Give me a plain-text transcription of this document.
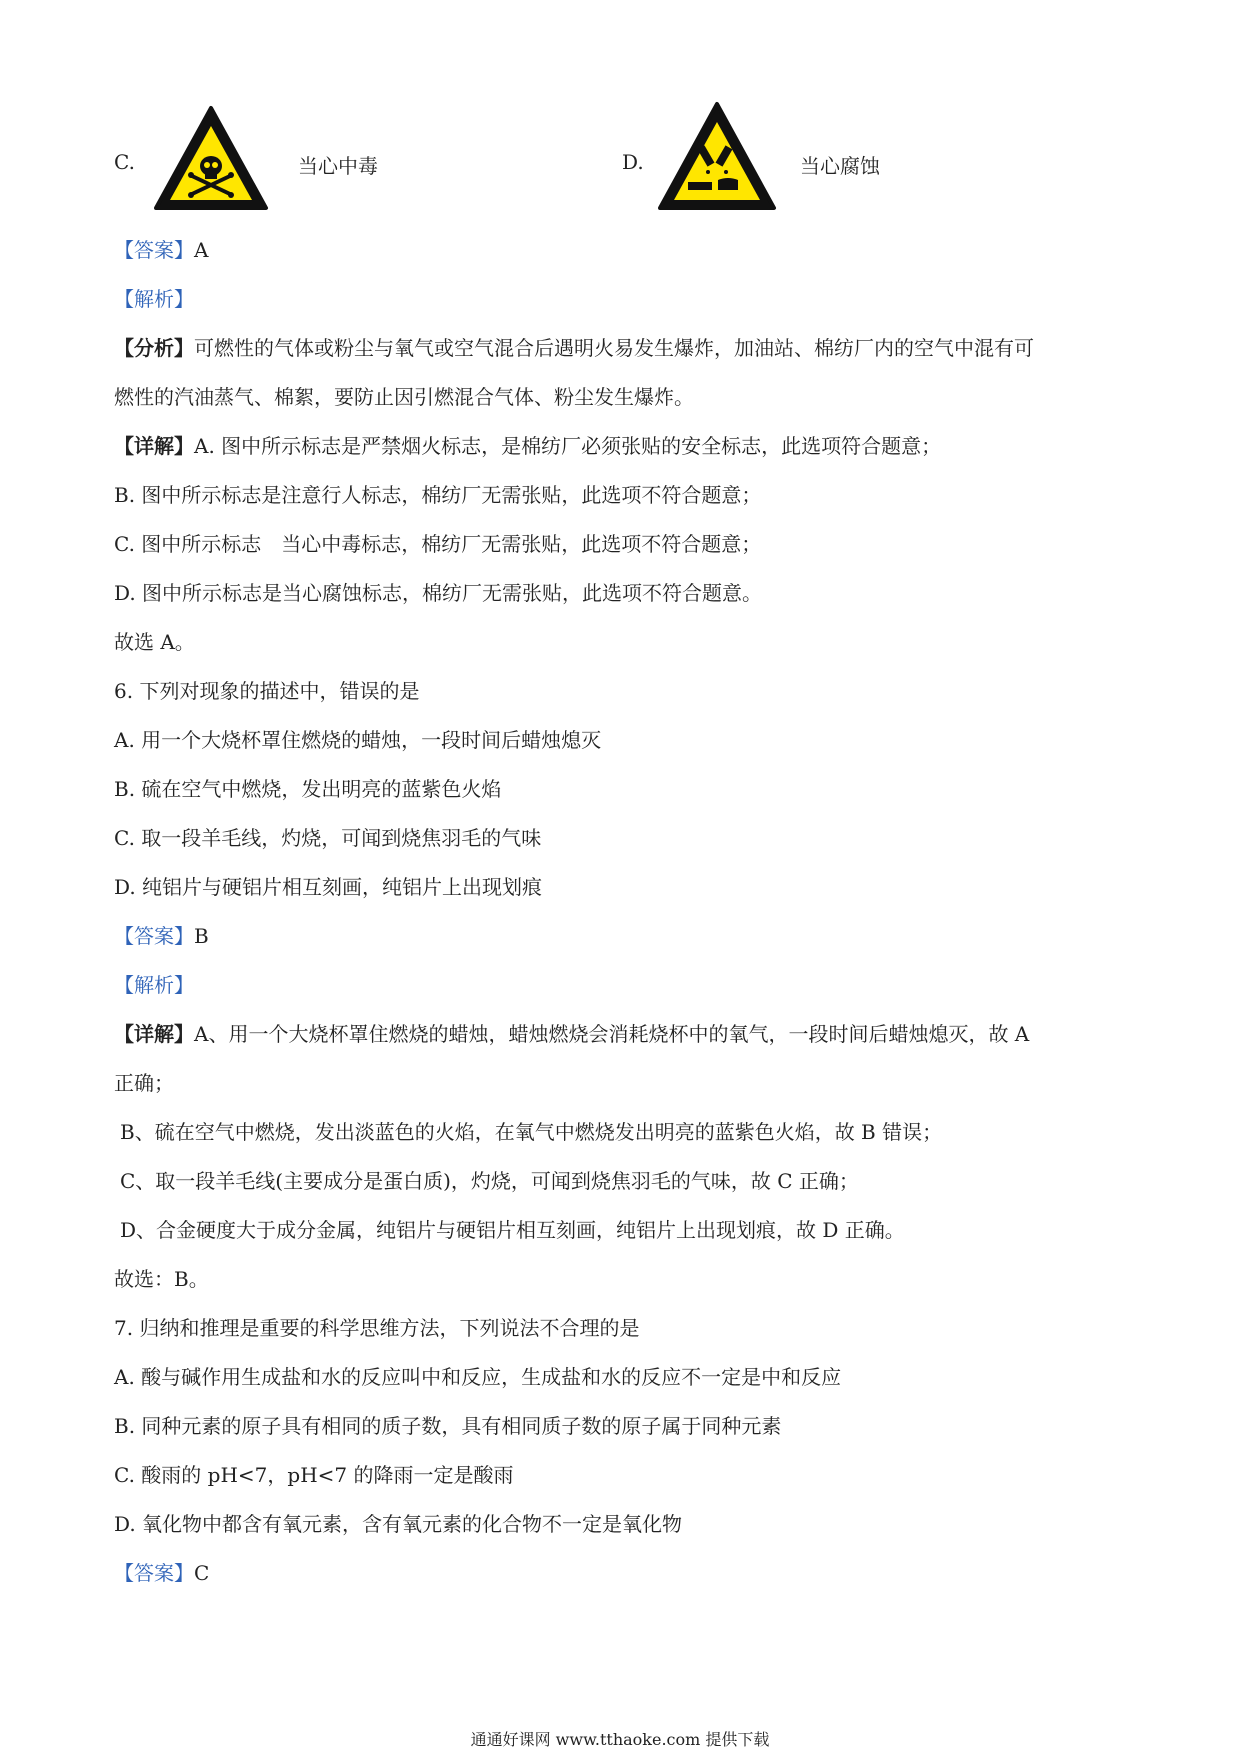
C.	当心中毒	D.	当心腐蚀
【答案】A
【解析】
【分析】可燃性的气体或粉尘与氧气或空气混合后遇明火易发生爆炸，加油站、棉纺厂内的空气中混有可
燃性的汽油蒸气、棉絮，要防止因引燃混合气体、粉尘发生爆炸。
【详解】A. 图中所示标志是严禁烟火标志，是棉纺厂必须张贴的安全标志，此选项符合题意；
B. 图中所示标志是注意行人标志，棉纺厂无需张贴，此选项不符合题意；
C. 图中所示标志　当心中毒标志，棉纺厂无需张贴，此选项不符合题意；
D. 图中所示标志是当心腐蚀标志，棉纺厂无需张贴，此选项不符合题意。
故选 A。
6. 下列对现象的描述中，错误的是
A. 用一个大烧杯罩住燃烧的蜡烛，一段时间后蜡烛熄灭
B. 硫在空气中燃烧，发出明亮的蓝紫色火焰
C. 取一段羊毛线，灼烧，可闻到烧焦羽毛的气味
D. 纯铝片与硬铝片相互刻画，纯铝片上出现划痕
【答案】B
【解析】
【详解】A、用一个大烧杯罩住燃烧的蜡烛，蜡烛燃烧会消耗烧杯中的氧气，一段时间后蜡烛熄灭，故 A
正确；
B、硫在空气中燃烧，发出淡蓝色的火焰，在氧气中燃烧发出明亮的蓝紫色火焰，故 B 错误；
C、取一段羊毛线(主要成分是蛋白质)，灼烧，可闻到烧焦羽毛的气味，故 C 正确；
D、合金硬度大于成分金属，纯铝片与硬铝片相互刻画，纯铝片上出现划痕，故 D 正确。
故选：B。
7. 归纳和推理是重要的科学思维方法，下列说法不合理的是
A. 酸与碱作用生成盐和水的反应叫中和反应，生成盐和水的反应不一定是中和反应
B. 同种元素的原子具有相同的质子数，具有相同质子数的原子属于同种元素
C. 酸雨的 pH<7，pH<7 的降雨一定是酸雨
D. 氧化物中都含有氧元素，含有氧元素的化合物不一定是氧化物
【答案】C
通通好课网 www.tthaoke.com 提供下载
